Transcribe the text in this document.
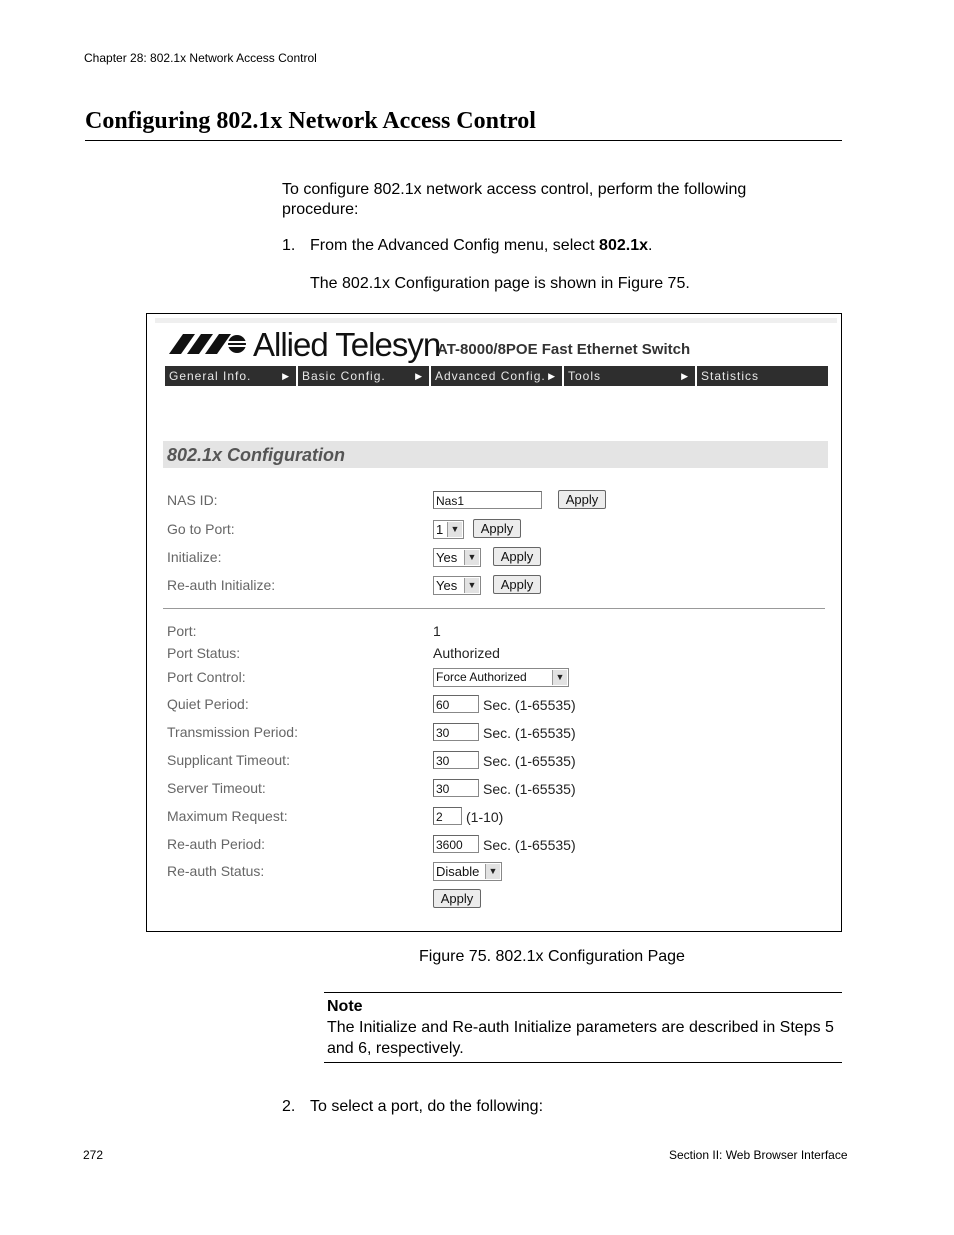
Chapter 28: 802.1x Network Access Control
Configuring 802.1x Network Access Control
To configure 802.1x network access control, perform the following procedure:
1. From the Advanced Config menu, select 802.1x.
The 802.1x Configuration page is shown in Figure 75.
Allied Telesyn
AT-8000/8POE Fast Ethernet Switch
General Info.	▶	Basic Config.	▶	Advanced Config. ▶	Tools	▶	Statistics
802.1x Configuration
NAS ID:	Nas1	Apply
Go to Port:	1 ▼	Apply
Initialize:	Yes	▼	Apply
Re-auth Initialize:	Yes	▼	Apply
Port:	1
Port Status:	Authorized
Port Control:	Force Authorized	▼
Quiet Period:	60	Sec. (1-65535)
Transmission Period:	30	Sec. (1-65535)
Supplicant Timeout:	30	Sec. (1-65535)
Server Timeout:	30	Sec. (1-65535)
Maximum Request:	2	(1-10)
Re-auth Period:	3600	Sec. (1-65535)
Re-auth Status:	Disable	▼
Apply
Figure 75. 802.1x Configuration Page
Note
The Initialize and Re-auth Initialize parameters are described in Steps 5 and 6, respectively.
2. To select a port, do the following:
272	Section II: Web Browser Interface
